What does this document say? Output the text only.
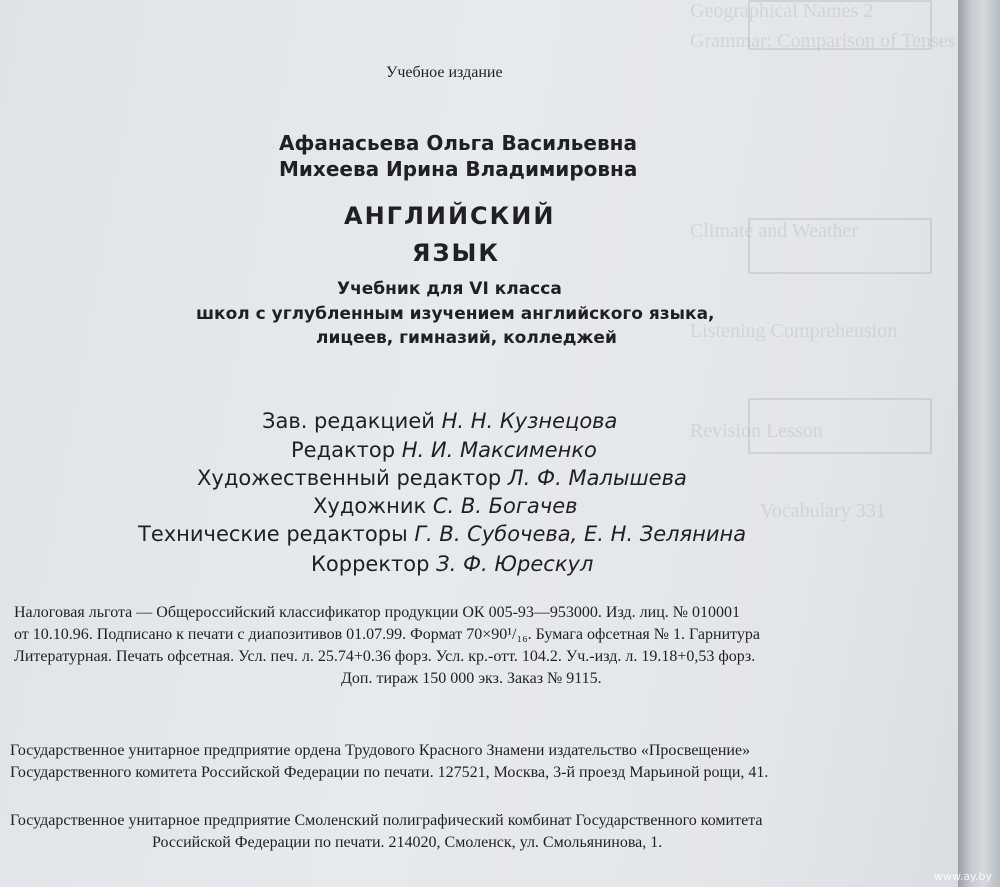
Geographical Names 2
Grammar: Comparison of Tenses
Climate and Weather
Listening Comprehension
Revision Lesson
Vocabulary 331
Учебное издание
Афанасьева Ольга Васильевна
Михеева Ирина Владимировна
АНГЛИЙСКИЙ
ЯЗЫК
Учебник для VI класса
школ с углубленным изучением английского языка,
лицеев, гимназий, колледжей
Зав. редакцией Н. Н. Кузнецова
Редактор Н. И. Максименко
Художественный редактор Л. Ф. Малышева
Художник С. В. Богачев
Техническиe редакторы Г. В. Субочева, Е. Н. Зелянина
Корректор З. Ф. Юрескул
Налоговая льгота — Общероссийский классификатор продукции ОК 005-93—953000. Изд. лиц. № 010001
от 10.10.96. Подписано к печати с диапозитивов 01.07.99. Формат 70×90¹/₁₆. Бумага офсетная № 1. Гарнитура
Литературная. Печать офсетная. Усл. печ. л. 25.74+0.36 форз. Усл. кр.-отт. 104.2. Уч.-изд. л. 19.18+0,53 форз.
Доп. тираж 150 000 экз. Заказ № 9115.
Государственное унитарное предприятие ордена Трудового Красного Знамени издательство «Просвещение»
Государственного комитета Российской Федерации по печати. 127521, Москва, 3-й проезд Марьиной рощи, 41.
Государственное унитарное предприятие Смоленский полиграфический комбинат Государственного комитета
Российской Федерации по печати. 214020, Смоленск, ул. Смольянинова, 1.
www.ay.by
